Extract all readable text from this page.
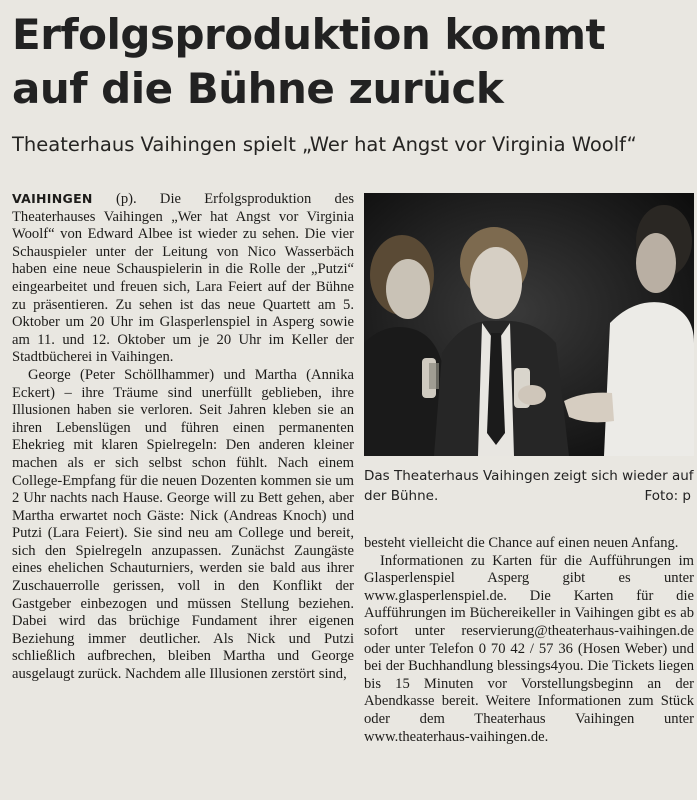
Erfolgsproduktion kommt auf die Bühne zurück
Theaterhaus Vaihingen spielt „Wer hat Angst vor Virginia Woolf“

VAIHINGEN (p). Die Erfolgsproduktion des Theaterhauses Vaihingen „Wer hat Angst vor Virginia Woolf“ von Edward Albee ist wieder zu sehen. Die vier Schauspieler unter der Leitung von Nico Wasserbäch haben eine neue Schauspielerin in die Rolle der „Putzi“ eingearbeitet und freuen sich, Lara Feiert auf der Bühne zu präsentieren. Zu sehen ist das neue Quartett am 5. Oktober um 20 Uhr im Glasperlenspiel in Asperg sowie am 11. und 12. Oktober um je 20 Uhr im Keller der Stadtbücherei in Vaihingen.

George (Peter Schöllhammer) und Martha (Annika Eckert) – ihre Träume sind unerfüllt geblieben, ihre Illusionen haben sie verloren. Seit Jahren kleben sie an ihren Lebenslügen und führen einen permanenten Ehekrieg mit klaren Spielregeln: Den anderen kleiner machen als er sich selbst schon fühlt. Nach einem College-Empfang für die neuen Dozenten kommen sie um 2 Uhr nachts nach Hause. George will zu Bett gehen, aber Martha erwartet noch Gäste: Nick (Andreas Knoch) und Putzi (Lara Feiert). Sie sind neu am College und bereit, sich den Spielregeln anzupassen. Zunächst Zaungäste eines ehelichen Schauturniers, werden sie bald aus ihrer Zuschauerrolle gerissen, voll in den Konflikt der Gastgeber einbezogen und müssen Stellung beziehen. Dabei wird das brüchige Fundament ihrer eigenen Beziehung immer deutlicher. Als Nick und Putzi schließlich aufbrechen, bleiben Martha und George ausgelaugt zurück. Nachdem alle Illusionen zerstört sind,

Das Theaterhaus Vaihingen zeigt sich wieder auf der Bühne.	Foto: p

besteht vielleicht die Chance auf einen neuen Anfang.

Informationen zu Karten für die Aufführungen im Glasperlenspiel Asperg gibt es unter www.glasperlenspiel.de. Die Karten für die Aufführungen im Büchereikeller in Vaihingen gibt es ab sofort unter reservierung@theaterhaus-vaihingen.de oder unter Telefon 0 70 42 / 57 36 (Hosen Weber) und bei der Buchhandlung blessings4you. Die Tickets liegen bis 15 Minuten vor Vorstellungsbeginn an der Abendkasse bereit. Weitere Informationen zum Stück oder dem Theaterhaus Vaihingen unter www.theaterhaus-vaihingen.de.
